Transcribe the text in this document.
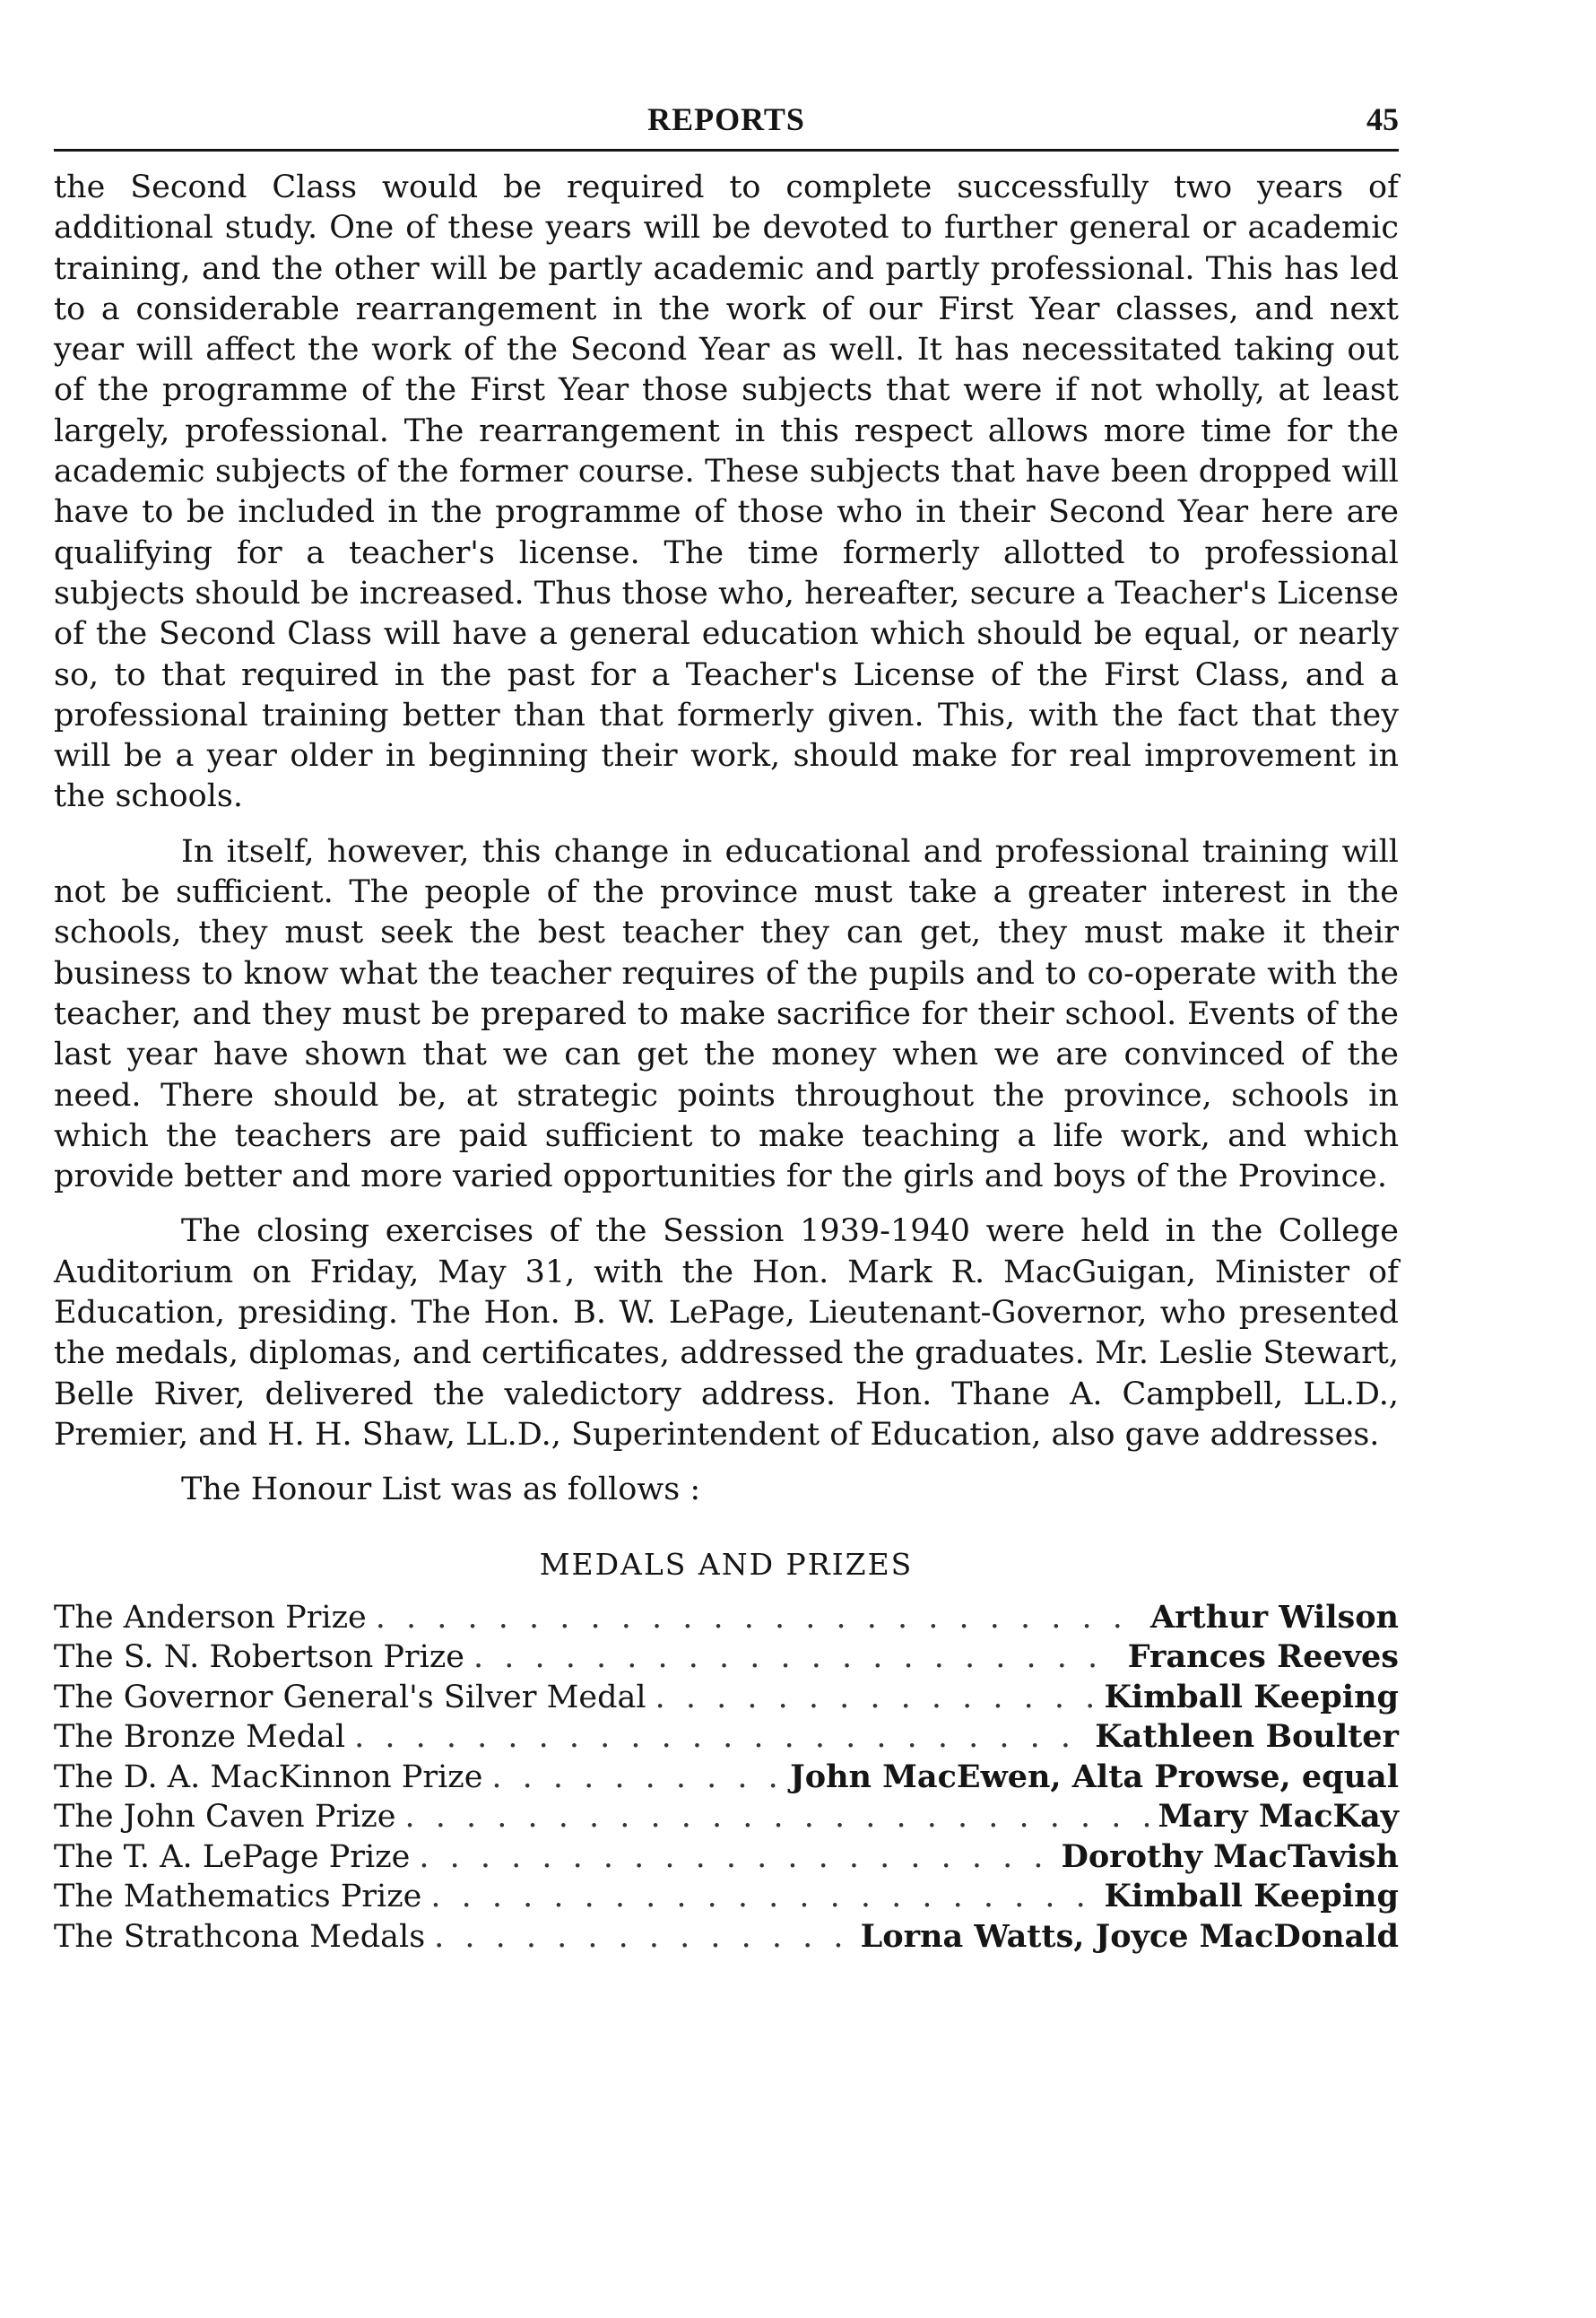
REPORTS	45

the Second Class would be required to complete successfully two years of additional study. One of these years will be devoted to further general or academic training, and the other will be partly academic and partly professional. This has led to a considerable rearrangement in the work of our First Year classes, and next year will affect the work of the Second Year as well. It has necessitated taking out of the programme of the First Year those subjects that were if not wholly, at least largely, professional. The rearrangement in this respect allows more time for the academic subjects of the former course. These subjects that have been dropped will have to be included in the programme of those who in their Second Year here are qualifying for a teacher's license. The time formerly allotted to professional subjects should be increased. Thus those who, hereafter, secure a Teacher's License of the Second Class will have a general education which should be equal, or nearly so, to that required in the past for a Teacher's License of the First Class, and a professional training better than that formerly given. This, with the fact that they will be a year older in beginning their work, should make for real improvement in the schools.

In itself, however, this change in educational and professional training will not be sufficient. The people of the province must take a greater interest in the schools, they must seek the best teacher they can get, they must make it their business to know what the teacher requires of the pupils and to co-operate with the teacher, and they must be prepared to make sacrifice for their school. Events of the last year have shown that we can get the money when we are convinced of the need. There should be, at strategic points throughout the province, schools in which the teachers are paid sufficient to make teaching a life work, and which provide better and more varied opportunities for the girls and boys of the Province.

The closing exercises of the Session 1939-1940 were held in the College Auditorium on Friday, May 31, with the Hon. Mark R. MacGuigan, Minister of Education, presiding. The Hon. B. W. LePage, Lieutenant-Governor, who presented the medals, diplomas, and certificates, addressed the graduates. Mr. Leslie Stewart, Belle River, delivered the valedictory address. Hon. Thane A. Campbell, LL.D., Premier, and H. H. Shaw, LL.D., Superintendent of Education, also gave addresses.

The Honour List was as follows :

MEDALS AND PRIZES
The Anderson Prize . . .	Arthur Wilson
The S. N. Robertson Prize . . .	Frances Reeves
The Governor General's Silver Medal . . .	Kimball Keeping
The Bronze Medal . . .	Kathleen Boulter
The D. A. MacKinnon Prize . . .	John MacEwen, Alta Prowse, equal
The John Caven Prize . . .	Mary MacKay
The T. A. LePage Prize . . .	Dorothy MacTavish
The Mathematics Prize . . .	Kimball Keeping
The Strathcona Medals . . .	Lorna Watts, Joyce MacDonald
